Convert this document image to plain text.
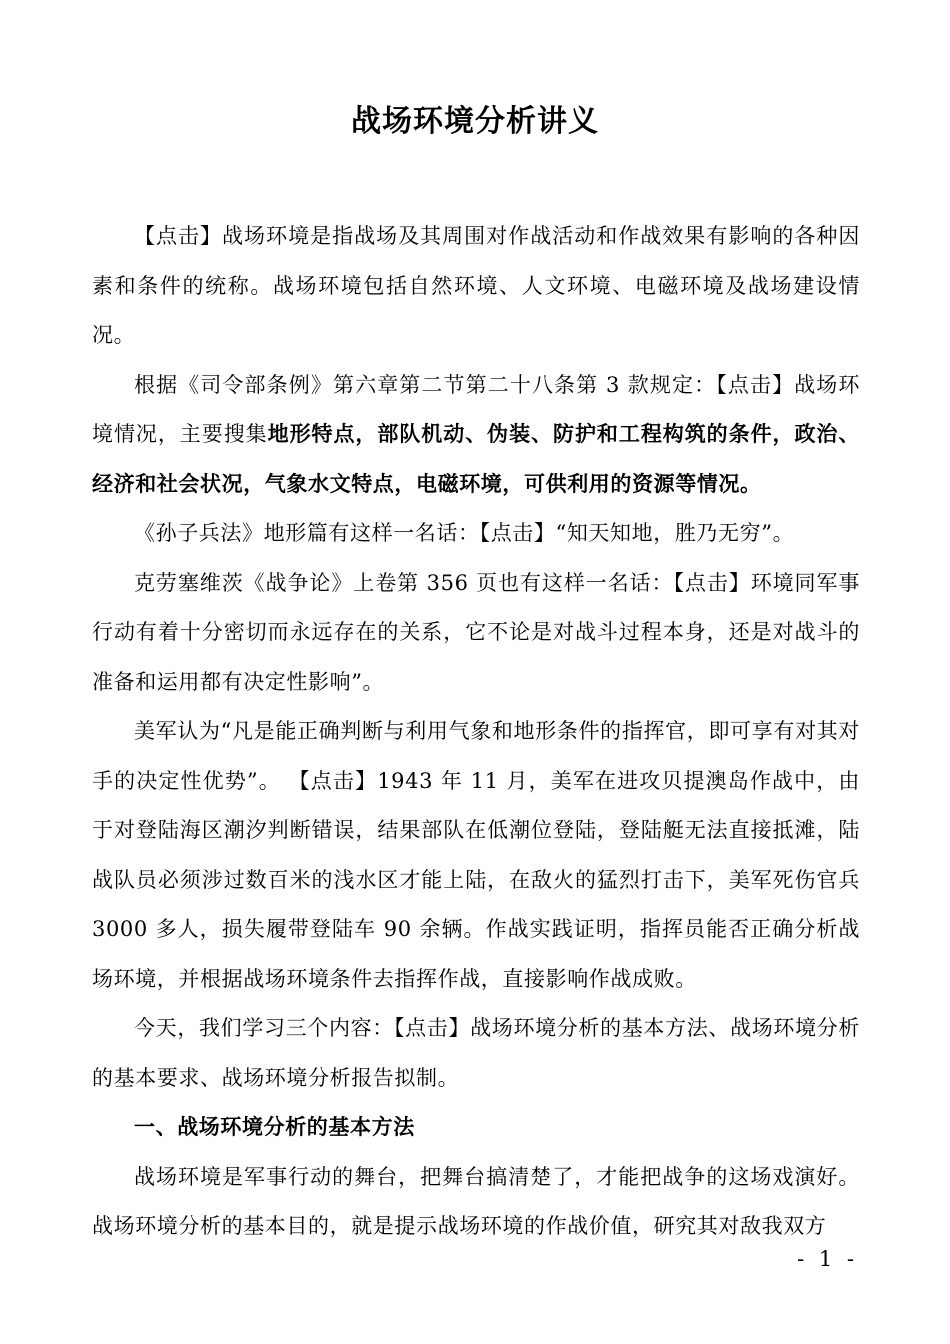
战场环境分析讲义

【点击】战场环境是指战场及其周围对作战活动和作战效果有影响的各种因素和条件的统称。战场环境包括自然环境、人文环境、电磁环境及战场建设情况。

根据《司令部条例》第六章第二节第二十八条第 3 款规定：【点击】战场环境情况，主要搜集地形特点，部队机动、伪装、防护和工程构筑的条件，政治、经济和社会状况，气象水文特点，电磁环境，可供利用的资源等情况。

《孙子兵法》地形篇有这样一名话：【点击】“知天知地，胜乃无穷”。

克劳塞维茨《战争论》上卷第 356 页也有这样一名话：【点击】环境同军事行动有着十分密切而永远存在的关系，它不论是对战斗过程本身，还是对战斗的准备和运用都有决定性影响”。

美军认为“凡是能正确判断与利用气象和地形条件的指挥官，即可享有对其对手的决定性优势”。 【点击】1943 年 11 月，美军在进攻贝提澳岛作战中，由于对登陆海区潮汐判断错误，结果部队在低潮位登陆，登陆艇无法直接抵滩，陆战队员必须涉过数百米的浅水区才能上陆，在敌火的猛烈打击下，美军死伤官兵 3000 多人，损失履带登陆车 90 余辆。作战实践证明，指挥员能否正确分析战场环境，并根据战场环境条件去指挥作战，直接影响作战成败。

今天，我们学习三个内容：【点击】战场环境分析的基本方法、战场环境分析的基本要求、战场环境分析报告拟制。

一、战场环境分析的基本方法

战场环境是军事行动的舞台，把舞台搞清楚了，才能把战争的这场戏演好。战场环境分析的基本目的，就是提示战场环境的作战价值，研究其对敌我双方

- 1 -
